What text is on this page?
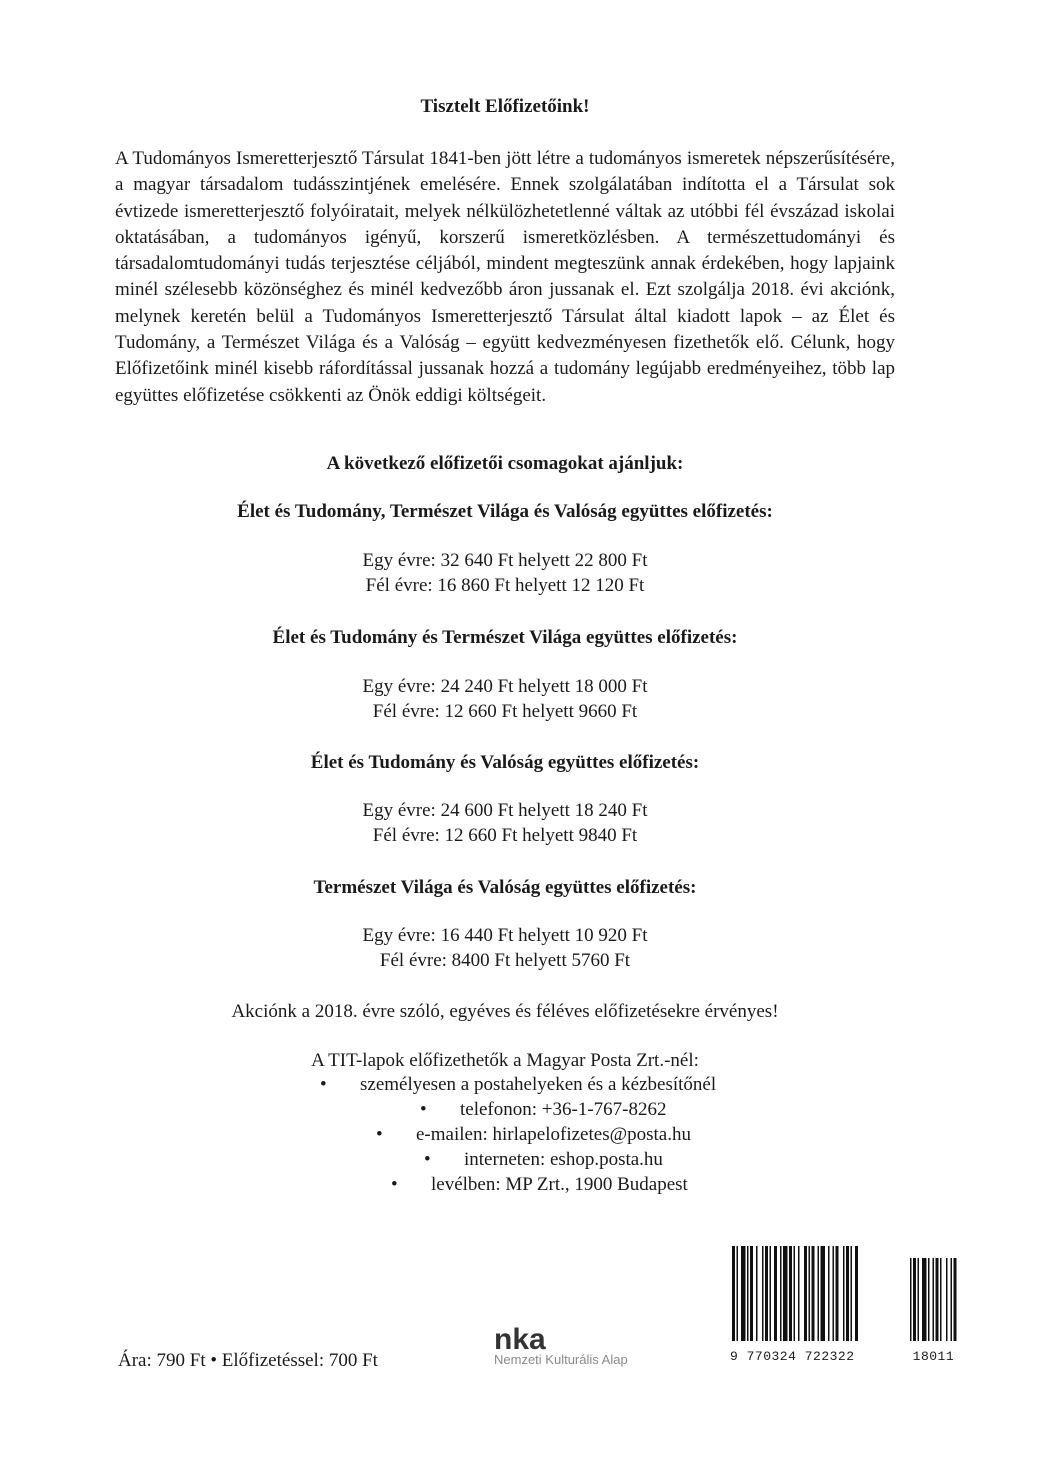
Tisztelt Előfizetőink!

A Tudományos Ismeretterjesztő Társulat 1841-ben jött létre a tudományos ismeretek népszerűsítésére, a magyar társadalom tudásszintjének emelésére. Ennek szolgálatában indította el a Társulat sok évtizede ismeretterjesztő folyóiratait, melyek nélkülözhetetlenné váltak az utóbbi fél évszázad iskolai oktatásában, a tudományos igényű, korszerű ismeretközlésben. A természettudományi és társadalomtudományi tudás terjesztése céljából, mindent megteszünk annak érdekében, hogy lapjaink minél szélesebb közönséghez és minél kedvezőbb áron jussanak el. Ezt szolgálja 2018. évi akciónk, melynek keretén belül a Tudományos Ismeretterjesztő Társulat által kiadott lapok – az Élet és Tudomány, a Természet Világa és a Valóság – együtt kedvezményesen fizethetők elő. Célunk, hogy Előfizetőink minél kisebb ráfordítással jussanak hozzá a tudomány legújabb eredményeihez, több lap együttes előfizetése csökkenti az Önök eddigi költségeit.

A következő előfizetői csomagokat ajánljuk:
Élet és Tudomány, Természet Világa és Valóság együttes előfizetés:
Egy évre: 32 640 Ft helyett 22 800 Ft
Fél évre: 16 860 Ft helyett 12 120 Ft
Élet és Tudomány és Természet Világa együttes előfizetés:
Egy évre: 24 240 Ft helyett 18 000 Ft
Fél évre: 12 660 Ft helyett 9660 Ft
Élet és Tudomány és Valóság együttes előfizetés:
Egy évre: 24 600 Ft helyett 18 240 Ft
Fél évre: 12 660 Ft helyett 9840 Ft
Természet Világa és Valóság együttes előfizetés:
Egy évre: 16 440 Ft helyett 10 920 Ft
Fél évre: 8400 Ft helyett 5760 Ft
Akciónk a 2018. évre szóló, egyéves és féléves előfizetésekre érvényes!
A TIT-lapok előfizethetők a Magyar Posta Zrt.-nél:
• személyesen a postahelyeken és a kézbesítőnél
• telefonon: +36-1-767-8262
• e-mailen: hirlapelofizetes@posta.hu
• interneten: eshop.posta.hu
• levélben: MP Zrt., 1900 Budapest
Ára: 790 Ft • Előfizetéssel: 700 Ft
nka
Nemzeti Kulturális Alap	9 770324 722322	18011
